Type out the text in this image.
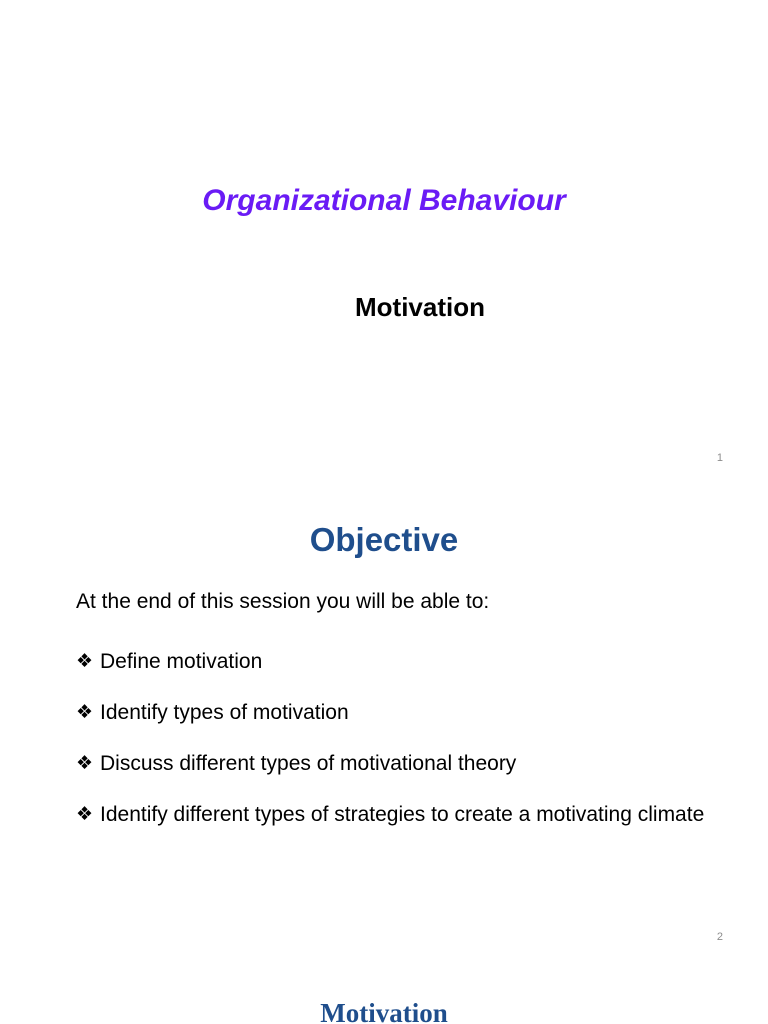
Organizational Behaviour
Motivation
1
Objective
At the end of this session you will be able to:
❖ Define motivation
❖ Identify types of motivation
❖ Discuss different types of motivational theory
❖ Identify different types of strategies to create a motivating climate
2
Motivation
